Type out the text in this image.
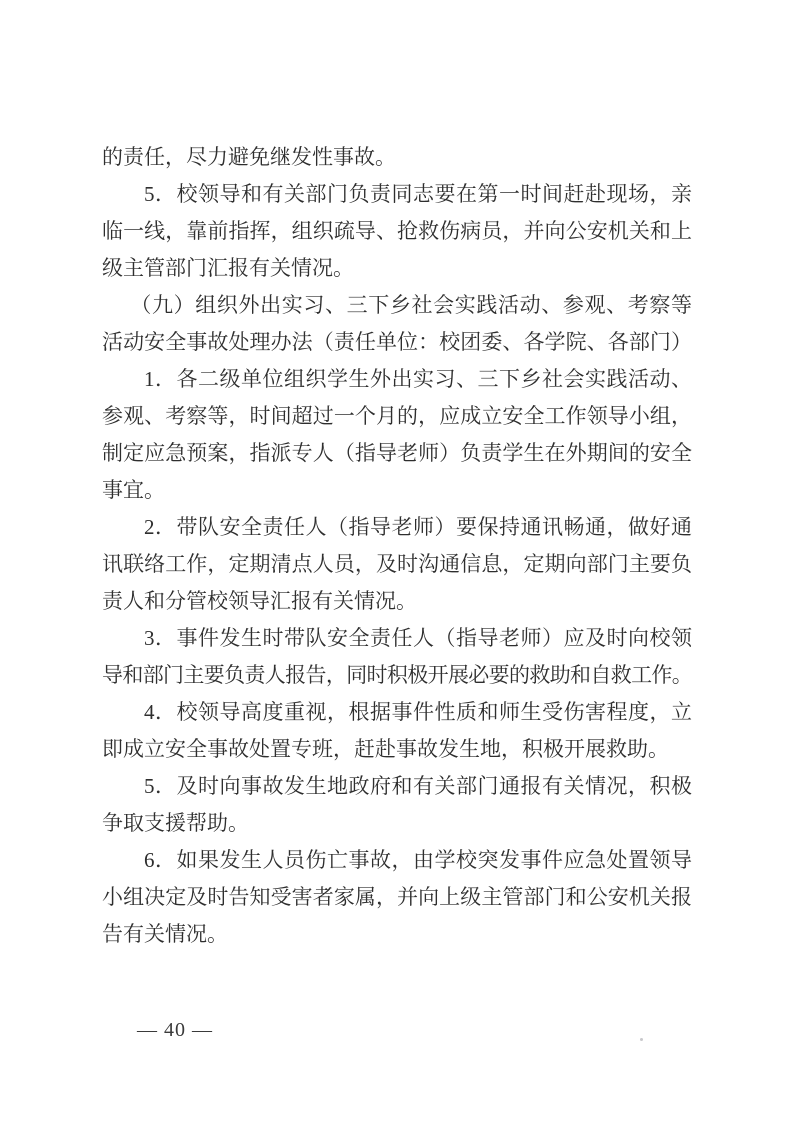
的责任，尽力避免继发性事故。
5．校领导和有关部门负责同志要在第一时间赶赴现场，亲
临一线，靠前指挥，组织疏导、抢救伤病员，并向公安机关和上
级主管部门汇报有关情况。
（九）组织外出实习、三下乡社会实践活动、参观、考察等
活动安全事故处理办法（责任单位：校团委、各学院、各部门）
1．各二级单位组织学生外出实习、三下乡社会实践活动、
参观、考察等，时间超过一个月的，应成立安全工作领导小组，
制定应急预案，指派专人（指导老师）负责学生在外期间的安全
事宜。
2．带队安全责任人（指导老师）要保持通讯畅通，做好通
讯联络工作，定期清点人员，及时沟通信息，定期向部门主要负
责人和分管校领导汇报有关情况。
3．事件发生时带队安全责任人（指导老师）应及时向校领
导和部门主要负责人报告，同时积极开展必要的救助和自救工作。
4．校领导高度重视，根据事件性质和师生受伤害程度，立
即成立安全事故处置专班，赶赴事故发生地，积极开展救助。
5．及时向事故发生地政府和有关部门通报有关情况，积极
争取支援帮助。
6．如果发生人员伤亡事故，由学校突发事件应急处置领导
小组决定及时告知受害者家属，并向上级主管部门和公安机关报
告有关情况。
— 40 —
